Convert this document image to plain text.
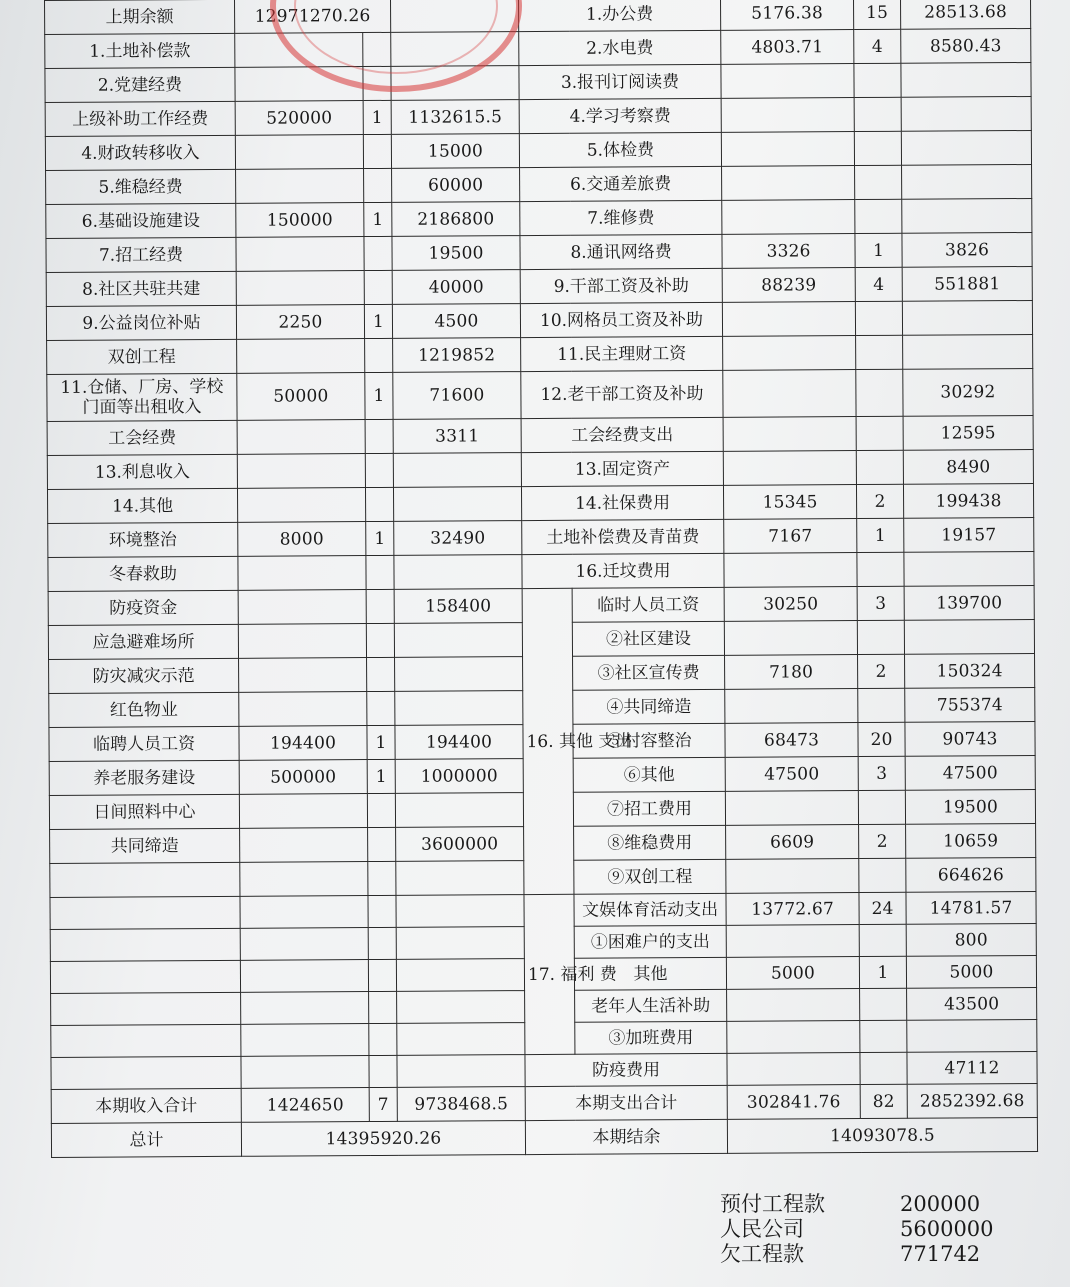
上期余额	12971270.26			1.办公费		5176.38	15	28513.68
1.土地补偿款				2.水电费		4803.71	4	8580.43
2.党建经费				3.报刊订阅读费				
上级补助工作经费	520000	1	1132615.5	4.学习考察费				
4.财政转移收入			15000	5.体检费				
5.维稳经费			60000	6.交通差旅费				
6.基础设施建设	150000	1	2186800	7.维修费				
7.招工经费			19500	8.通讯网络费		3326	1	3826
8.社区共驻共建			40000	9.干部工资及补助		88239	4	551881
9.公益岗位补贴	2250	1	4500	10.网格员工资及补助				
双创工程			1219852	11.民主理财工资				
11.仓储、厂房、学校 门面等出租收入	50000	1	71600	12.老干部工资及补助				30292
工会经费			3311	工会经费支出				12595
13.利息收入				13.固定资产				8490
14.其他				14.社保费用		15345	2	199438
环境整治	8000	1	32490	土地补偿费及青苗费		7167	1	19157
冬春救助				16.迁坟费用				
防疫资金			158400	16. 其他 支出	临时人员工资	30250	3	139700
应急避难场所					②社区建设			
防灾减灾示范					③社区宣传费	7180	2	150324
红色物业					④共同缔造			755374
临聘人员工资	194400	1	194400		⑤村容整治	68473	20	90743
养老服务建设	500000	1	1000000		⑥其他	47500	3	47500
日间照料中心					⑦招工费用			19500
共同缔造			3600000		⑧维稳费用	6609	2	10659
					⑨双创工程			664626
				17. 福利 费	文娱体育活动支出	13772.67	24	14781.57
					①困难户的支出			800
					其他	5000	1	5000
					老年人生活补助			43500
					③加班费用			
				防疫费用				47112
本期收入合计	1424650	7	9738468.5	本期支出合计		302841.76	82	2852392.68
总计	14395920.26			本期结余		14093078.5		
预付工程款	200000
人民公司	5600000
欠工程款	771742
